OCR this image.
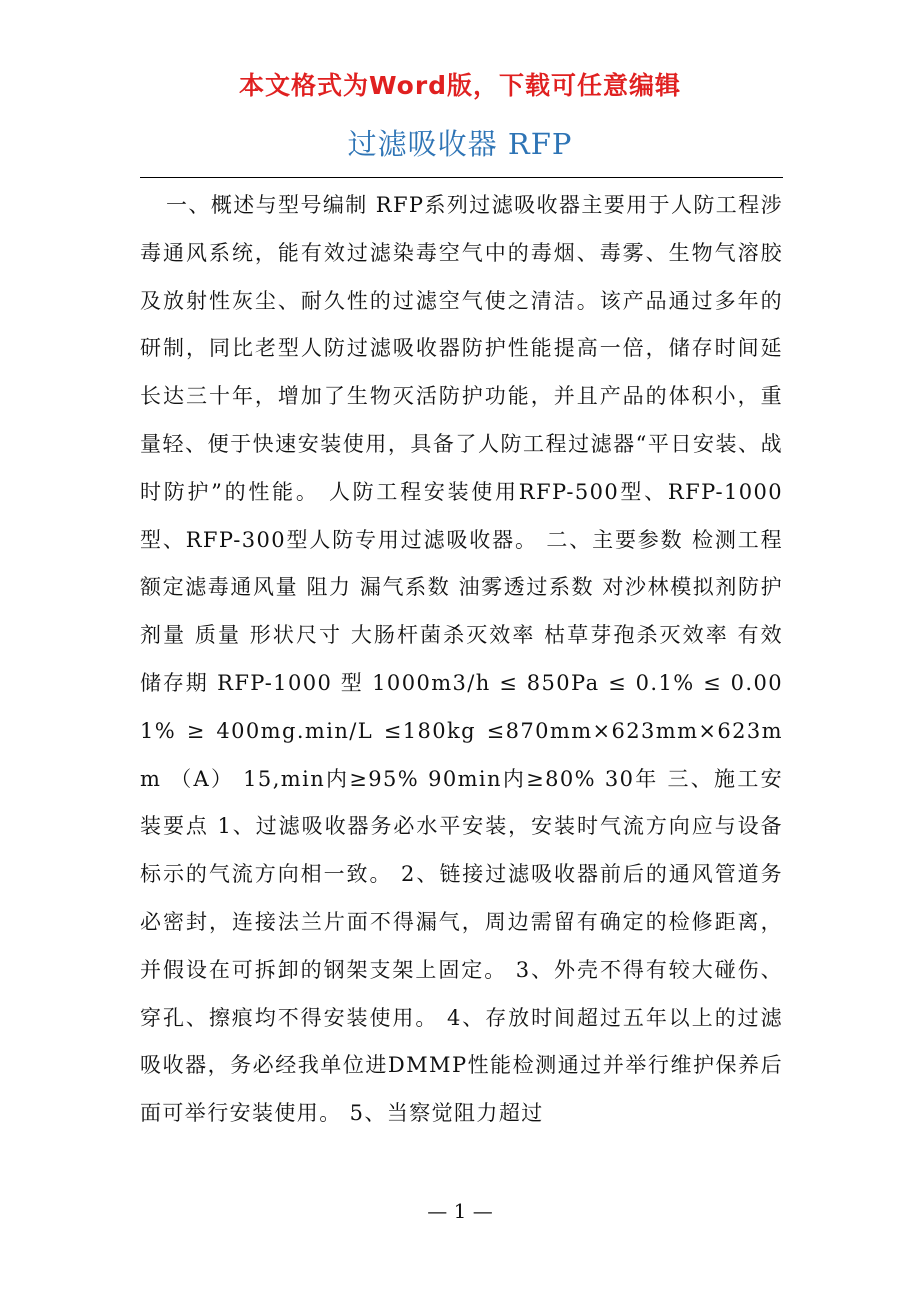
本文格式为Word版，下载可任意编辑
过滤吸收器 RFP

一、概述与型号编制 RFP系列过滤吸收器主要用于人防工程涉毒通风系统，能有效过滤染毒空气中的毒烟、毒雾、生物气溶胶及放射性灰尘、耐久性的过滤空气使之清洁。该产品通过多年的研制，同比老型人防过滤吸收器防护性能提高一倍，储存时间延长达三十年，增加了生物灭活防护功能，并且产品的体积小，重量轻、便于快速安装使用，具备了人防工程过滤器“平日安装、战时防护”的性能。 人防工程安装使用RFP-500型、RFP-1000型、RFP-300型人防专用过滤吸收器。 二、主要参数 检测工程 额定滤毒通风量 阻力 漏气系数 油雾透过系数 对沙林模拟剂防护剂量 质量 形状尺寸 大肠杆菌杀灭效率 枯草芽孢杀灭效率 有效储存期 RFP-1000 型 1000m3/h ≤ 850Pa ≤ 0.1% ≤ 0.001% ≥ 400mg.min/L ≤180kg ≤870mm×623mm×623mm （A） 15,min内≥95% 90min内≥80% 30年 三、施工安装要点 1、过滤吸收器务必水平安装，安装时气流方向应与设备标示的气流方向相一致。 2、链接过滤吸收器前后的通风管道务必密封，连接法兰片面不得漏气，周边需留有确定的检修距离，并假设在可拆卸的钢架支架上固定。 3、外壳不得有较大碰伤、穿孔、擦痕均不得安装使用。 4、存放时间超过五年以上的过滤吸收器，务必经我单位进DMMP性能检测通过并举行维护保养后面可举行安装使用。 5、当察觉阻力超过

— 1 —
